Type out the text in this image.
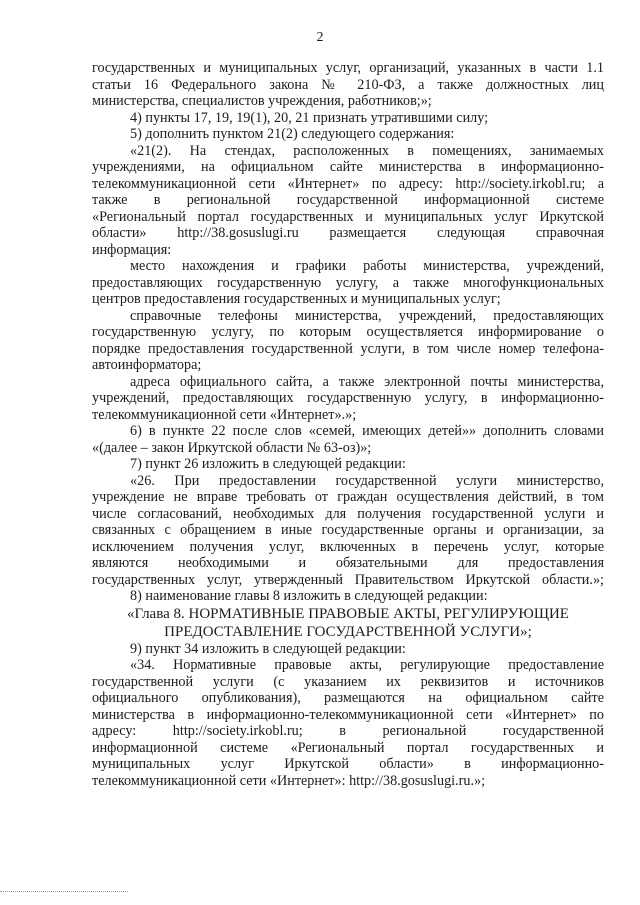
2
государственных и муниципальных услуг, организаций, указанных в части 1.1
статьи 16 Федерального закона № 210-ФЗ, а также должностных лиц
министерства, специалистов учреждения, работников;»;
4) пункты 17, 19, 19(1), 20, 21 признать утратившими силу;
5) дополнить пунктом 21(2) следующего содержания:
«21(2). На стендах, расположенных в помещениях, занимаемых
учреждениями, на официальном сайте министерства в информационно-
телекоммуникационной сети «Интернет» по адресу: http://society.irkobl.ru; а
также в региональной государственной информационной системе
«Региональный портал государственных и муниципальных услуг Иркутской
области» http://38.gosuslugi.ru размещается следующая справочная
информация:
место нахождения и графики работы министерства, учреждений,
предоставляющих государственную услугу, а также многофункциональных
центров предоставления государственных и муниципальных услуг;
справочные телефоны министерства, учреждений, предоставляющих
государственную услугу, по которым осуществляется информирование о
порядке предоставления государственной услуги, в том числе номер телефона-
автоинформатора;
адреса официального сайта, а также электронной почты министерства,
учреждений, предоставляющих государственную услугу, в информационно-
телекоммуникационной сети «Интернет».»;
6) в пункте 22 после слов «семей, имеющих детей»» дополнить словами
«(далее – закон Иркутской области № 63-оз)»;
7) пункт 26 изложить в следующей редакции:
«26. При предоставлении государственной услуги министерство,
учреждение не вправе требовать от граждан осуществления действий, в том
числе согласований, необходимых для получения государственной услуги и
связанных с обращением в иные государственные органы и организации, за
исключением получения услуг, включенных в перечень услуг, которые
являются необходимыми и обязательными для предоставления
государственных услуг, утвержденный Правительством Иркутской области.»;
8) наименование главы 8 изложить в следующей редакции:
«Глава 8. НОРМАТИВНЫЕ ПРАВОВЫЕ АКТЫ, РЕГУЛИРУЮЩИЕ
ПРЕДОСТАВЛЕНИЕ ГОСУДАРСТВЕННОЙ УСЛУГИ»;
9) пункт 34 изложить в следующей редакции:
«34. Нормативные правовые акты, регулирующие предоставление
государственной услуги (с указанием их реквизитов и источников
официального опубликования), размещаются на официальном сайте
министерства в информационно-телекоммуникационной сети «Интернет» по
адресу: http://society.irkobl.ru; в региональной государственной
информационной системе «Региональный портал государственных и
муниципальных услуг Иркутской области» в информационно-
телекоммуникационной сети «Интернет»: http://38.gosuslugi.ru.»;
